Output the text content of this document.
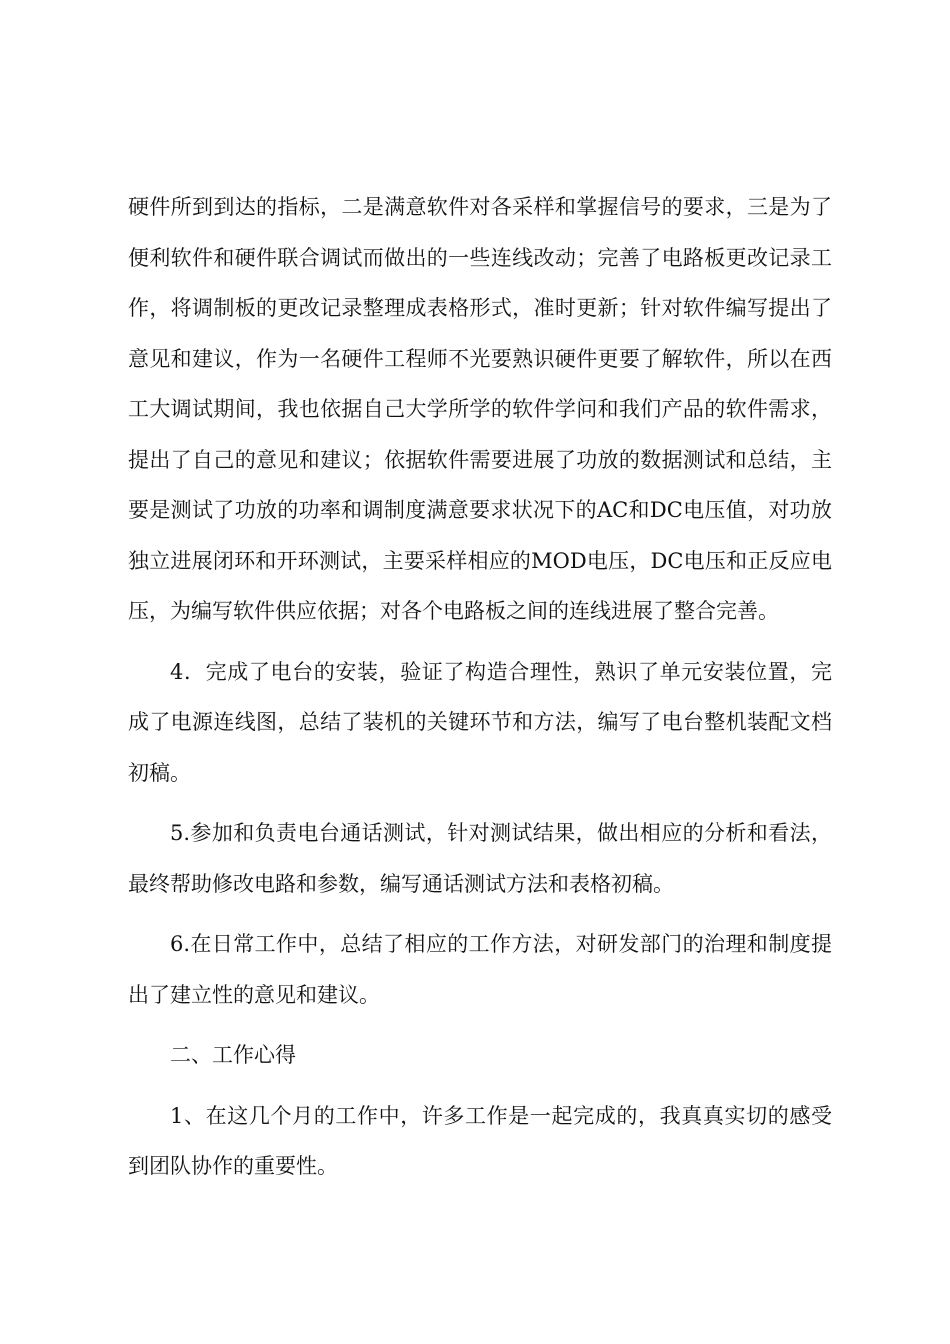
硬件所到到达的指标，二是满意软件对各采样和掌握信号的要求，三是为了便利软件和硬件联合调试而做出的一些连线改动；完善了电路板更改记录工作，将调制板的更改记录整理成表格形式，准时更新；针对软件编写提出了意见和建议，作为一名硬件工程师不光要熟识硬件更要了解软件，所以在西工大调试期间，我也依据自己大学所学的软件学问和我们产品的软件需求，提出了自己的意见和建议；依据软件需要进展了功放的数据测试和总结，主要是测试了功放的功率和调制度满意要求状况下的AC和DC电压值，对功放独立进展闭环和开环测试，主要采样相应的MOD电压，DC电压和正反应电压，为编写软件供应依据；对各个电路板之间的连线进展了整合完善。

4．完成了电台的安装，验证了构造合理性，熟识了单元安装位置，完成了电源连线图，总结了装机的关键环节和方法，编写了电台整机装配文档初稿。

5.参加和负责电台通话测试，针对测试结果，做出相应的分析和看法，最终帮助修改电路和参数，编写通话测试方法和表格初稿。

6.在日常工作中，总结了相应的工作方法，对研发部门的治理和制度提出了建立性的意见和建议。

二、工作心得

1、在这几个月的工作中，许多工作是一起完成的，我真真实切的感受到团队协作的重要性。
